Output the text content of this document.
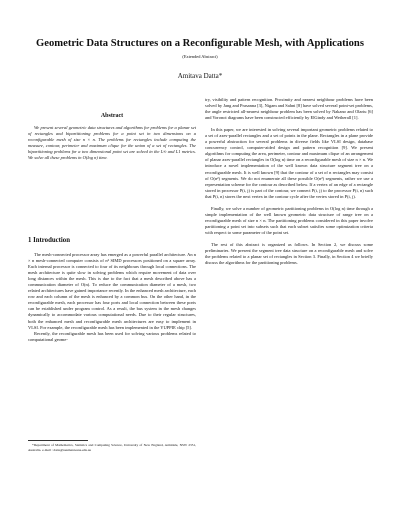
Geometric Data Structures on a Reconfigurable Mesh, with Applications
(Extended Abstract)
Amitava Datta*
Abstract
We present several geometric data structures and algorithms for problems for a planar set of rectangles and bipartitioning problems for a point set in two dimensions on a reconfigurable mesh of size n × n. The problems for rectangles include computing the measure, contour, perimeter and maximum clique for the union of a set of rectangles. The bipartitioning problems for a two dimensional point set are solved in the L∞ and L1 metrics. We solve all these problems in O(log n) time.
1 Introduction

The mesh-connected processor array has emerged as a powerful parallel architecture. An n × n mesh-connected computer consists of n² SIMD processors positioned on a square array. Each internal processor is connected to four of its neighbours through local connections. The mesh architecture is quite slow in solving problems which require movement of data over long distances within the mesh. This is due to the fact that a mesh described above has a communication diameter of O(n). To reduce the communication diameter of a mesh, two related architectures have gained importance recently. In the enhanced mesh architecture, each row and each column of the mesh is enhanced by a common bus. On the other hand, in the reconfigurable mesh, each processor has four ports and local connection between these ports can be established under program control. As a result, the bus system in the mesh changes dynamically to accommodate various computational needs. Due to their regular structures, both the enhanced mesh and reconfigurable mesh architectures are easy to implement in VLSI. For example, the reconfigurable mesh has been implemented in the YUPPIE chip [5].

Recently, the reconfigurable mesh has been used for solving various problems related to computational geome-

*Department of Mathematics, Statistics and Computing Science, University of New England, Armidale, NSW 2351, Australia. e-mail : datta@neumann.une.edu.au

try, visibility and pattern recognition. Proximity and nearest neighbour problems have been solved by Jang and Prasanna [3], Nigam and Sahni [8] have solved several point-set problems, the angle restricted all-nearest neighbour problem has been solved by Nakano and Olariu [6] and Voronoi diagrams have been constructed efficiently by ElGindy and Wetherall [1].

In this paper, we are interested in solving several important geometric problems related to a set of axes-parallel rectangles and a set of points in the plane. Rectangles in a plane provide a powerful abstraction for several problems in diverse fields like VLSI design, database concurrency control, computer-aided design and pattern recognition [9]. We present algorithms for computing the area, perimeter, contour and maximum clique of an arrangement of planar axes-parallel rectangles in O(log n) time on a reconfigurable mesh of size n × n. We introduce a novel implementation of the well known data structure segment tree on a reconfigurable mesh. It is well known [9] that the contour of a set of n rectangles may consist of O(n²) segments. We do not enumerate all these possible O(n²) segments, rather we use a representation scheme for the contour as described below. If a vertex of an edge of a rectangle stored in processor P(i, j) is part of the contour, we connect P(i, j) to the processor P(i, n) such that P(i, n) stores the next vertex in the contour cycle after the vertex stored in P(i, j).

Finally, we solve a number of geometric partitioning problems in O(log n) time through a simple implementation of the well known geometric data structure of range tree on a reconfigurable mesh of size n × n. The partitioning problems considered in this paper involve partitioning a point set into subsets such that each subset satisfies some optimization criteria with respect to some parameter of the point set.

The rest of this abstract is organized as follows. In Section 2, we discuss some preliminaries. We present the segment tree data structure on a reconfigurable mesh and solve the problems related to a planar set of rectangles in Section 3. Finally, in Section 4 we briefly discuss the algorithms for the partitioning problems.
